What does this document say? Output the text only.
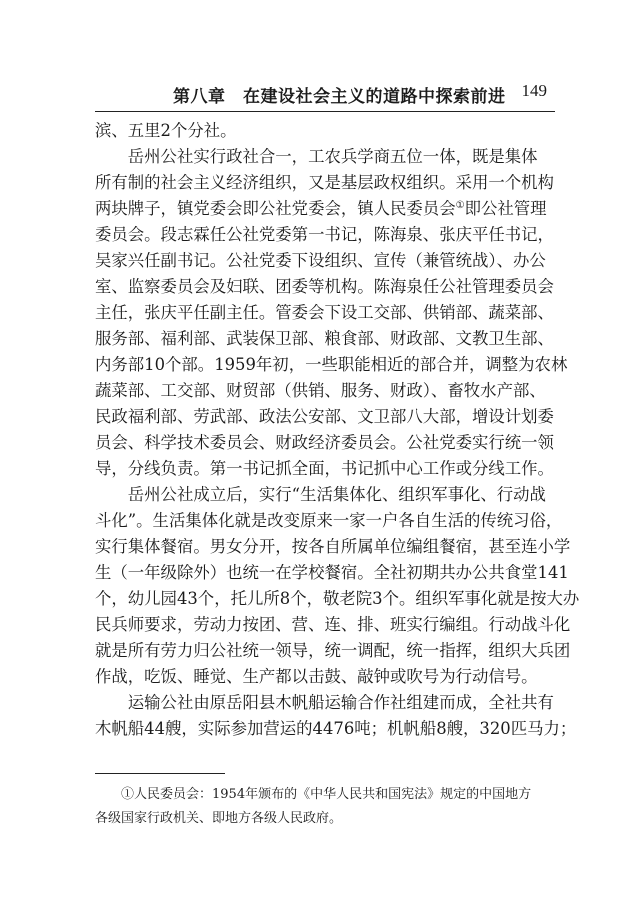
第八章　在建设社会主义的道路中探索前进 149
滨、五里2个分社。
　　岳州公社实行政社合一，工农兵学商五位一体，既是集体
所有制的社会主义经济组织，又是基层政权组织。采用一个机构
两块牌子，镇党委会即公社党委会，镇人民委员会①即公社管理
委员会。段志霖任公社党委第一书记，陈海泉、张庆平任书记，
吴家兴任副书记。公社党委下设组织、宣传（兼管统战）、办公
室、监察委员会及妇联、团委等机构。陈海泉任公社管理委员会
主任，张庆平任副主任。管委会下设工交部、供销部、蔬菜部、
服务部、福利部、武装保卫部、粮食部、财政部、文教卫生部、
内务部10个部。1959年初，一些职能相近的部合并，调整为农林
蔬菜部、工交部、财贸部（供销、服务、财政）、畜牧水产部、
民政福利部、劳武部、政法公安部、文卫部八大部，增设计划委
员会、科学技术委员会、财政经济委员会。公社党委实行统一领
导，分线负责。第一书记抓全面，书记抓中心工作或分线工作。
　　岳州公社成立后，实行“生活集体化、组织军事化、行动战
斗化”。生活集体化就是改变原来一家一户各自生活的传统习俗，
实行集体餐宿。男女分开，按各自所属单位编组餐宿，甚至连小学
生（一年级除外）也统一在学校餐宿。全社初期共办公共食堂141
个，幼儿园43个，托儿所8个，敬老院3个。组织军事化就是按大办
民兵师要求，劳动力按团、营、连、排、班实行编组。行动战斗化
就是所有劳力归公社统一领导，统一调配，统一指挥，组织大兵团
作战，吃饭、睡觉、生产都以击鼓、敲钟或吹号为行动信号。
　　运输公社由原岳阳县木帆船运输合作社组建而成，全社共有
木帆船44艘，实际参加营运的4476吨；机帆船8艘，320匹马力；
　　①人民委员会：1954年颁布的《中华人民共和国宪法》规定的中国地方
各级国家行政机关、即地方各级人民政府。
